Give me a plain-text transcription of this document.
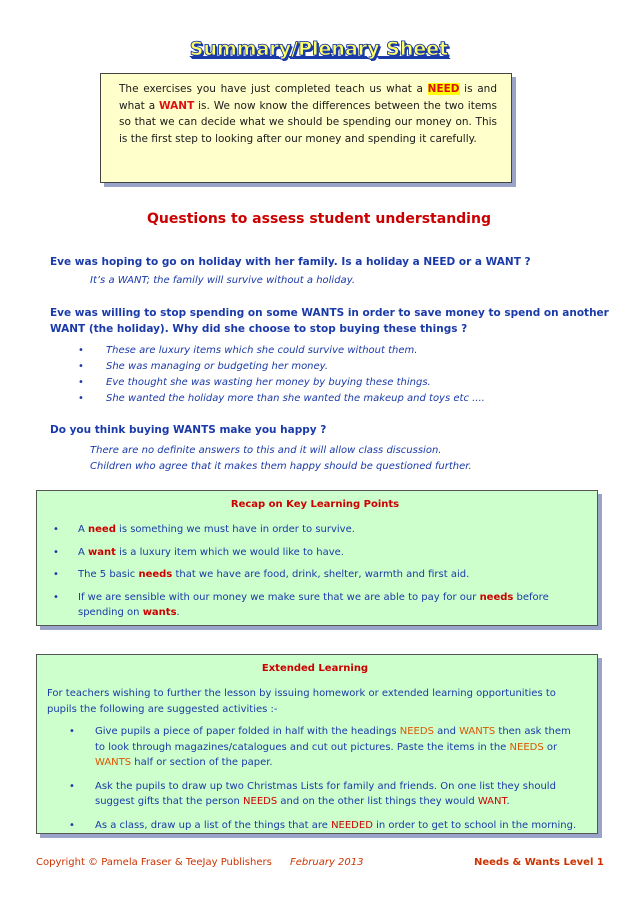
Summary/Plenary Sheet
The exercises you have just completed teach us what a NEED is and what a WANT is. We now know the differences between the two items so that we can decide what we should be spending our money on. This is the first step to looking after our money and spending it carefully.
Questions to assess student understanding
Eve was hoping to go on holiday with her family. Is a holiday a NEED or a WANT ?
It’s a WANT; the family will survive without a holiday.
Eve was willing to stop spending on some WANTS in order to save money to spend on another WANT (the holiday). Why did she choose to stop buying these things ?
• These are luxury items which she could survive without them.
• She was managing or budgeting her money.
• Eve thought she was wasting her money by buying these things.
• She wanted the holiday more than she wanted the makeup and toys etc ....
Do you think buying WANTS make you happy ?
There are no definite answers to this and it will allow class discussion.
Children who agree that it makes them happy should be questioned further.
Recap on Key Learning Points
• A need is something we must have in order to survive.
• A want is a luxury item which we would like to have.
• The 5 basic needs that we have are food, drink, shelter, warmth and first aid.
• If we are sensible with our money we make sure that we are able to pay for our needs before spending on wants.
Extended Learning
For teachers wishing to further the lesson by issuing homework or extended learning opportunities to pupils the following are suggested activities :-
• Give pupils a piece of paper folded in half with the headings NEEDS and WANTS then ask them to look through magazines/catalogues and cut out pictures. Paste the items in the NEEDS or WANTS half or section of the paper.
• Ask the pupils to draw up two Christmas Lists for family and friends. On one list they should suggest gifts that the person NEEDS and on the other list things they would WANT.
• As a class, draw up a list of the things that are NEEDED in order to get to school in the morning.
Copyright © Pamela Fraser & TeeJay Publishers February 2013	Needs & Wants Level 1
